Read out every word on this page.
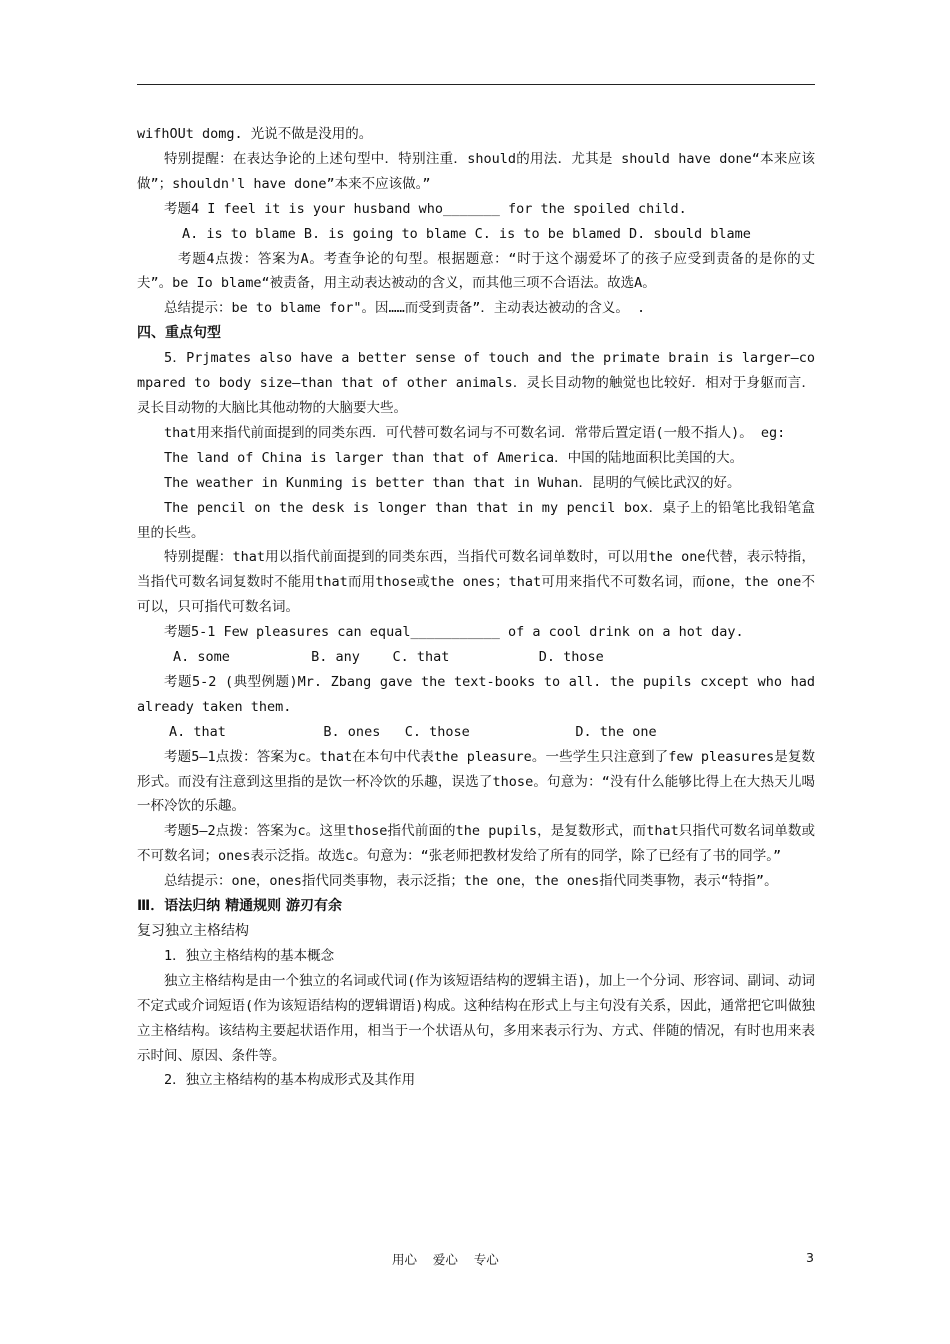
wifhOUt domg. 光说不做是没用的。

特别提醒：在表达争论的上述句型中．特别注重．should的用法．尤其是 should have done“本来应该做”；shouldn'l have done”本来不应该做。”

考题4 I feel it is your husband who_______ for the spoiled child.

A. is to blame B. is going to blame C. is to be blamed D. sbould blame

考题4点拨：答案为A。考查争论的句型。根据题意：“时于这个溺爱坏了的孩子应受到责备的是你的丈夫”。be Io blame“被责备，用主动表达被动的含义，而其他三项不合语法。故选A。

总结提示：be to blame for"。因……而受到责备”．主动表达被动的含义。 .

四、重点句型

5．Prjmates also have a better sense of touch and the primate brain is larger—compared to body size—than that of other animals．灵长目动物的触觉也比较好．相对于身躯而言．灵长目动物的大脑比其他动物的大脑要大些。

that用来指代前面提到的同类东西．可代替可数名词与不可数名词．常带后置定语(一般不指人)。 eg:

The land of China is larger than that of America．中国的陆地面积比美国的大。

The weather in Kunming is better than that in Wuhan．昆明的气候比武汉的好。

The pencil on the desk is longer than that in my pencil box．桌子上的铅笔比我铅笔盒里的长些。

特别提醒：that用以指代前面提到的同类东西，当指代可数名词单数时，可以用the one代替，表示特指，当指代可数名词复数时不能用that而用those或the ones；that可用来指代不可数名词，而one，the one不可以，只可指代可数名词。

考题5-1 Few pleasures can equal___________ of a cool drink on a hot day.

A. some          B. any    C. that           D. those

考题5-2 (典型例题)Mr. Zbang gave the text-books to all. the pupils cxcept who had already taken them.

A. that            B. ones   C. those             D. the one

考题5—1点拨：答案为c。that在本句中代表the pleasure。一些学生只注意到了few pleasures是复数形式。而没有注意到这里指的是饮一杯冷饮的乐趣，误选了those。句意为：“没有什么能够比得上在大热天儿喝一杯冷饮的乐趣。

考题5—2点拨：答案为c。这里those指代前面的the pupils，是复数形式，而that只指代可数名词单数或不可数名词；ones表示泛指。故选c。句意为：“张老师把教材发给了所有的同学，除了已经有了书的同学。”

总结提示：one，ones指代同类事物，表示泛指；the one，the ones指代同类事物，表示“特指”。

Ⅲ．语法归纳 精通规则 游刃有余

复习独立主格结构

1．独立主格结构的基本概念

独立主格结构是由一个独立的名词或代词(作为该短语结构的逻辑主语)，加上一个分词、形容词、副词、动词不定式或介词短语(作为该短语结构的逻辑谓语)构成。这种结构在形式上与主句没有关系，因此，通常把它叫做独立主格结构。该结构主要起状语作用，相当于一个状语从句，多用来表示行为、方式、伴随的情况，有时也用来表示时间、原因、条件等。

2．独立主格结构的基本构成形式及其作用

用心    爱心    专心	3
